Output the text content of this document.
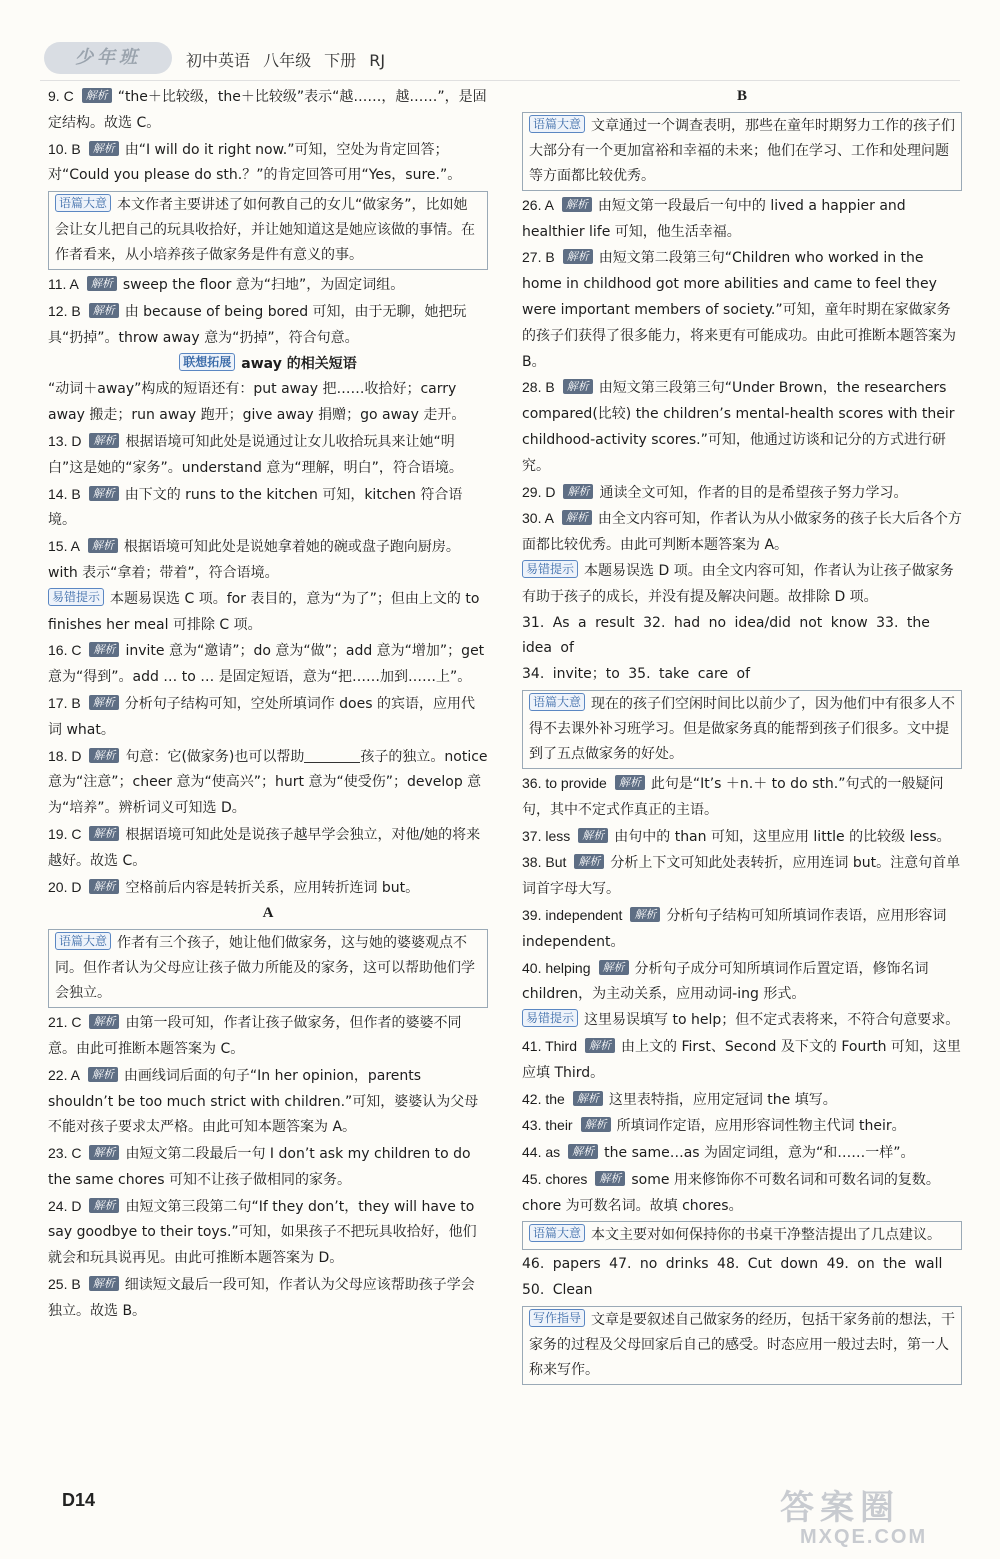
少年班	初中英语 八年级 下册 RJ
9. C 解析 “the＋比较级，the＋比较级”表示“越……，越……”，是固定结构。故选 C。
10. B 解析 由“I will do it right now.”可知，空处为肯定回答；对“Could you please do sth.？”的肯定回答可用“Yes，sure.”。
语篇大意 本文作者主要讲述了如何教自己的女儿“做家务”，比如她会让女儿把自己的玩具收拾好，并让她知道这是她应该做的事情。在作者看来，从小培养孩子做家务是件有意义的事。
11. A 解析 sweep the floor 意为“扫地”，为固定词组。
12. B 解析 由 because of being bored 可知，由于无聊，她把玩具“扔掉”。throw away 意为“扔掉”，符合句意。
联想拓展 away 的相关短语
“动词＋away”构成的短语还有：put away 把……收拾好；carry away 搬走；run away 跑开；give away 捐赠；go away 走开。
13. D 解析 根据语境可知此处是说通过让女儿收拾玩具来让她“明白”这是她的“家务”。understand 意为“理解，明白”，符合语境。
14. B 解析 由下文的 runs to the kitchen 可知，kitchen 符合语境。
15. A 解析 根据语境可知此处是说她拿着她的碗或盘子跑向厨房。with 表示“拿着；带着”，符合语境。
易错提示 本题易误选 C 项。for 表目的，意为“为了”；但由上文的 to finishes her meal 可排除 C 项。
16. C 解析 invite 意为“邀请”；do 意为“做”；add 意为“增加”；get 意为“得到”。add … to … 是固定短语，意为“把……加到……上”。
17. B 解析 分析句子结构可知，空处所填词作 does 的宾语，应用代词 what。
18. D 解析 句意：它(做家务)也可以帮助	孩子的独立。notice 意为“注意”；cheer 意为“使高兴”；hurt 意为“使受伤”；develop 意为“培养”。辨析词义可知选 D。
19. C 解析 根据语境可知此处是说孩子越早学会独立，对他/她的将来越好。故选 C。
20. D 解析 空格前后内容是转折关系，应用转折连词 but。
A
语篇大意 作者有三个孩子，她让他们做家务，这与她的婆婆观点不同。但作者认为父母应让孩子做力所能及的家务，这可以帮助他们学会独立。
21. C 解析 由第一段可知，作者让孩子做家务，但作者的婆婆不同意。由此可推断本题答案为 C。
22. A 解析 由画线词后面的句子“In her opinion，parents shouldn’t be too much strict with children.”可知，婆婆认为父母不能对孩子要求太严格。由此可知本题答案为 A。
23. C 解析 由短文第二段最后一句 I don’t ask my children to do the same chores 可知不让孩子做相同的家务。
24. D 解析 由短文第三段第二句“If they don’t，they will have to say goodbye to their toys.”可知，如果孩子不把玩具收拾好，他们就会和玩具说再见。由此可推断本题答案为 D。
25. B 解析 细读短文最后一段可知，作者认为父母应该帮助孩子学会独立。故选 B。
B
语篇大意 文章通过一个调查表明，那些在童年时期努力工作的孩子们大部分有一个更加富裕和幸福的未来；他们在学习、工作和处理问题等方面都比较优秀。
26. A 解析 由短文第一段最后一句中的 lived a happier and healthier life 可知，他生活幸福。
27. B 解析 由短文第二段第三句“Children who worked in the home in childhood got more abilities and came to feel they were important members of society.”可知，童年时期在家做家务的孩子们获得了很多能力，将来更有可能成功。由此可推断本题答案为 B。
28. B 解析 由短文第三段第三句“Under Brown，the researchers compared(比较) the children’s mental-health scores with their childhood-activity scores.”可知，他通过访谈和记分的方式进行研究。
29. D 解析 通读全文可知，作者的目的是希望孩子努力学习。
30. A 解析 由全文内容可知，作者认为从小做家务的孩子长大后各个方面都比较优秀。由此可判断本题答案为 A。
易错提示 本题易误选 D 项。由全文内容可知，作者认为让孩子做家务有助于孩子的成长，并没有提及解决问题。故排除 D 项。
31. As a result 32. had no idea/did not know 33. the idea of
34. invite；to 35. take care of
语篇大意 现在的孩子们空闲时间比以前少了，因为他们中有很多人不得不去课外补习班学习。但是做家务真的能帮到孩子们很多。文中提到了五点做家务的好处。
36. to provide 解析 此句是“It’s ＋n.＋ to do sth.”句式的一般疑问句，其中不定式作真正的主语。
37. less 解析 由句中的 than 可知，这里应用 little 的比较级 less。
38. But 解析 分析上下文可知此处表转折，应用连词 but。注意句首单词首字母大写。
39. independent 解析 分析句子结构可知所填词作表语，应用形容词 independent。
40. helping 解析 分析句子成分可知所填词作后置定语，修饰名词 children，为主动关系，应用动词-ing 形式。
易错提示 这里易误填写 to help；但不定式表将来，不符合句意要求。
41. Third 解析 由上文的 First、Second 及下文的 Fourth 可知，这里应填 Third。
42. the 解析 这里表特指，应用定冠词 the 填写。
43. their 解析 所填词作定语，应用形容词性物主代词 their。
44. as 解析 the same…as 为固定词组，意为“和……一样”。
45. chores 解析 some 用来修饰你不可数名词和可数名词的复数。chore 为可数名词。故填 chores。
语篇大意 本文主要对如何保持你的书桌干净整洁提出了几点建议。
46. papers 47. no drinks 48. Cut down 49. on the wall
50. Clean
写作指导 文章是要叙述自己做家务的经历，包括干家务前的想法，干家务的过程及父母回家后自己的感受。时态应用一般过去时，第一人称来写作。
D14	答案圈
MXQE.COM
